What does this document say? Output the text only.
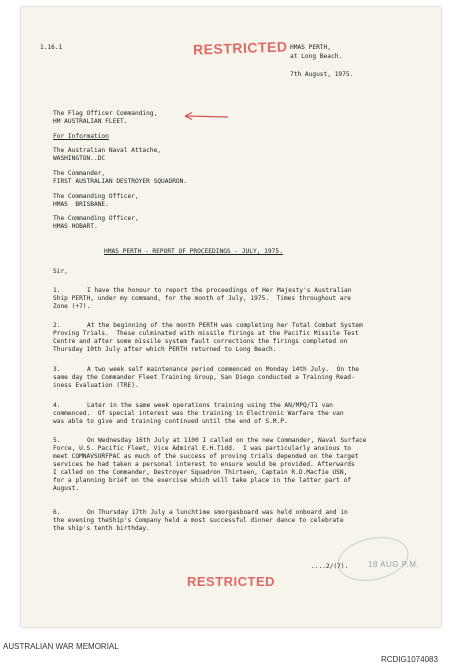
1.16.1	RESTRICTED HMAS PERTH,
at Long Beach.
7th August, 1975.
The Flag Officer Commanding,
HM AUSTRALIAN FLEET.
For Information
The Australian Naval Attache,
WASHINGTON..DC
The Commander,
FIRST AUSTRALIAN DESTROYER SQUADRON.
The Commanding Officer,
HMAS  BRISBANE.
The Commanding Officer,
HMAS HOBART.
HMAS PERTH - REPORT OF PROCEEDINGS - JULY, 1975.
Sir,
1.	I have the honour to report the proceedings of Her Majesty's Australian
Ship PERTH, under my command, for the month of July, 1975.  Times throughout are
Zone (+7).
2.	At the beginning of the month PERTH was completing her Total Combat System
Proving Trials.  These culminated with missile firings at the Pacific Missile Test
Centre and after some missile system fault corrections the firings completed on
Thursday 10th July after which PERTH returned to Long Beach.
3.	A two week self maintenance period commenced on Monday 14th July.  On the
same day the Commander Fleet Training Group, San Diego conducted a Training Read-
iness Evaluation (TRE).
4.	Later in the same week operations training using the AN/MPQ/T1 van
commenced.  Of special interest was the training in Electronic Warfare the van
was able to give and training continued until the end of S.M.P.
5.	On Wednesday 16th July at 1100 I called on the new Commander, Naval Surface
Force, U.S. Pacific Fleet, Vice Admiral E.H.Tidd.  I was particularly anxious to
meet COMNAVSURFPAC as much of the success of proving trials depended on the target
services he had taken a personal interest to ensure would be provided. Afterwards
I called on the Commander, Destroyer Squadron Thirteen, Captain R.D.Macfie USN,
for a planning brief on the exercise which will take place in the latter part of
August.
6.	On Thursday 17th July a lunchtime smorgasboard was held onboard and in
the evening theShip's Company held a most successful dinner dance to celebrate
the ship's tenth birthday.
....2/(7). 18 AUG P.M.
RESTRICTED
AUSTRALIAN WAR MEMORIAL
RCDIG1074083
